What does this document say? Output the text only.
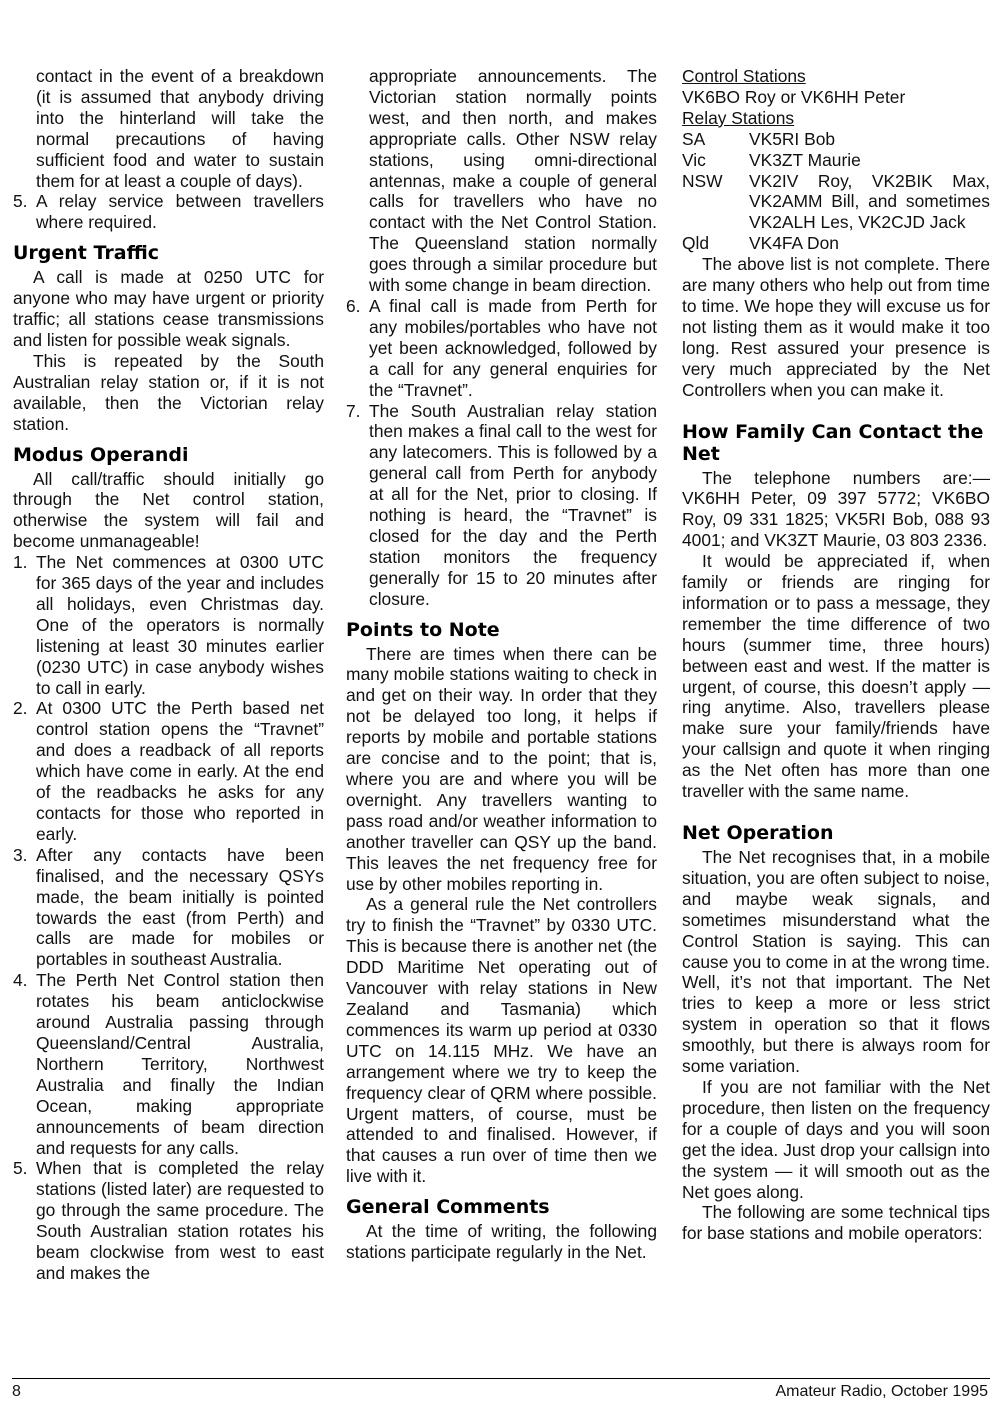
contact in the event of a breakdown (it is assumed that anybody driving into the hinterland will take the normal precautions of having sufficient food and water to sustain them for at least a couple of days).

5. A relay service between travellers where required.
Urgent Traffic

A call is made at 0250 UTC for anyone who may have urgent or priority traffic; all stations cease transmissions and listen for possible weak signals.

This is repeated by the South Australian relay station or, if it is not available, then the Victorian relay station.

Modus Operandi

All call/traffic should initially go through the Net control station, otherwise the system will fail and become unmanageable!

1. The Net commences at 0300 UTC for 365 days of the year and includes all holidays, even Christmas day. One of the operators is normally listening at least 30 minutes earlier (0230 UTC) in case anybody wishes to call in early.
2. At 0300 UTC the Perth based net control station opens the “Travnet” and does a readback of all reports which have come in early. At the end of the readbacks he asks for any contacts for those who reported in early.
3. After any contacts have been finalised, and the necessary QSYs made, the beam initially is pointed towards the east (from Perth) and calls are made for mobiles or portables in southeast Australia.
4. The Perth Net Control station then rotates his beam anticlockwise around Australia passing through Queensland/Central Australia, Northern Territory, Northwest Australia and finally the Indian Ocean, making appropriate announcements of beam direction and requests for any calls.
5. When that is completed the relay stations (listed later) are requested to go through the same procedure. The South Australian station rotates his beam clockwise from west to east and makes the

appropriate announcements. The Victorian station normally points west, and then north, and makes appropriate calls. Other NSW relay stations, using omni-directional antennas, make a couple of general calls for travellers who have no contact with the Net Control Station. The Queensland station normally goes through a similar procedure but with some change in beam direction.

6. A final call is made from Perth for any mobiles/portables who have not yet been acknowledged, followed by a call for any general enquiries for the “Travnet”.
7. The South Australian relay station then makes a final call to the west for any latecomers. This is followed by a general call from Perth for anybody at all for the Net, prior to closing. If nothing is heard, the “Travnet” is closed for the day and the Perth station monitors the frequency generally for 15 to 20 minutes after closure.
Points to Note

There are times when there can be many mobile stations waiting to check in and get on their way. In order that they not be delayed too long, it helps if reports by mobile and portable stations are concise and to the point; that is, where you are and where you will be overnight. Any travellers wanting to pass road and/or weather information to another traveller can QSY up the band. This leaves the net frequency free for use by other mobiles reporting in.

As a general rule the Net controllers try to finish the “Travnet” by 0330 UTC. This is because there is another net (the DDD Maritime Net operating out of Vancouver with relay stations in New Zealand and Tasmania) which commences its warm up period at 0330 UTC on 14.115 MHz. We have an arrangement where we try to keep the frequency clear of QRM where possible. Urgent matters, of course, must be attended to and finalised. However, if that causes a run over of time then we live with it.

General Comments

At the time of writing, the following stations participate regularly in the Net.

Control Stations
VK6BO Roy or VK6HH Peter
Relay Stations
SA	VK5RI Bob
Vic	VK3ZT Maurie
NSW	VK2IV Roy, VK2BIK Max, VK2AMM Bill, and sometimes VK2ALH Les, VK2CJD Jack
Qld	VK4FA Don

The above list is not complete. There are many others who help out from time to time. We hope they will excuse us for not listing them as it would make it too long. Rest assured your presence is very much appreciated by the Net Controllers when you can make it.

How Family Can Contact the Net

The telephone numbers are:— VK6HH Peter, 09 397 5772; VK6BO Roy, 09 331 1825; VK5RI Bob, 088 93 4001; and VK3ZT Maurie, 03 803 2336.

It would be appreciated if, when family or friends are ringing for information or to pass a message, they remember the time difference of two hours (summer time, three hours) between east and west. If the matter is urgent, of course, this doesn’t apply — ring anytime. Also, travellers please make sure your family/friends have your callsign and quote it when ringing as the Net often has more than one traveller with the same name.

Net Operation

The Net recognises that, in a mobile situation, you are often subject to noise, and maybe weak signals, and sometimes misunderstand what the Control Station is saying. This can cause you to come in at the wrong time. Well, it’s not that important. The Net tries to keep a more or less strict system in operation so that it flows smoothly, but there is always room for some variation.

If you are not familiar with the Net procedure, then listen on the frequency for a couple of days and you will soon get the idea. Just drop your callsign into the system — it will smooth out as the Net goes along.

The following are some technical tips for base stations and mobile operators:

8	Amateur Radio, October 1995
